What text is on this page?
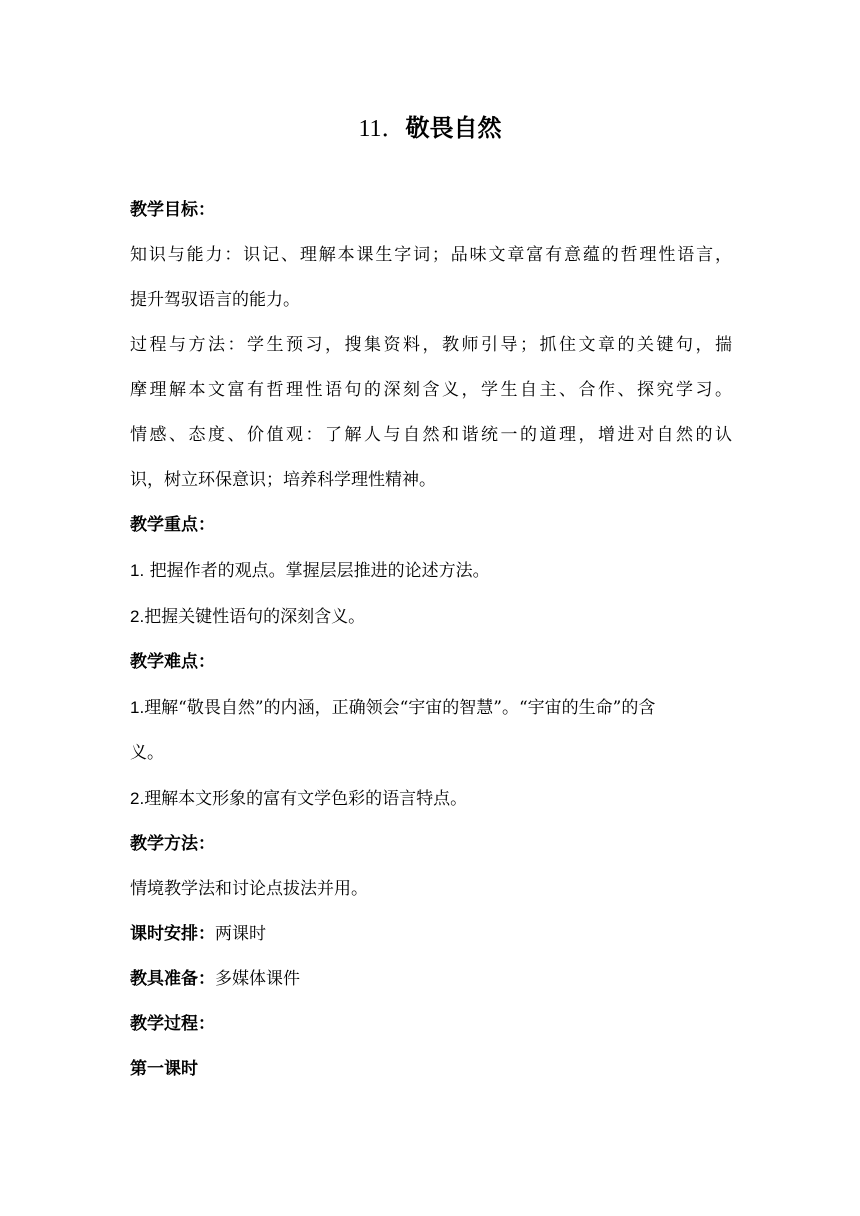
11．敬畏自然
教学目标：
知识与能力：识记、理解本课生字词；品味文章富有意蕴的哲理性语言，
提升驾驭语言的能力。
过程与方法：学生预习，搜集资料，教师引导；抓住文章的关键句，揣
摩理解本文富有哲理性语句的深刻含义，学生自主、合作、探究学习。
情感、态度、价值观：了解人与自然和谐统一的道理，增进对自然的认
识，树立环保意识；培养科学理性精神。
教学重点：
1. 把握作者的观点。掌握层层推进的论述方法。
2.把握关键性语句的深刻含义。
教学难点：
1.理解“敬畏自然”的内涵，正确领会“宇宙的智慧”。“宇宙的生命”的含
义。
2.理解本文形象的富有文学色彩的语言特点。
教学方法：
情境教学法和讨论点拔法并用。
课时安排：两课时
教具准备：多媒体课件
教学过程：
第一课时
